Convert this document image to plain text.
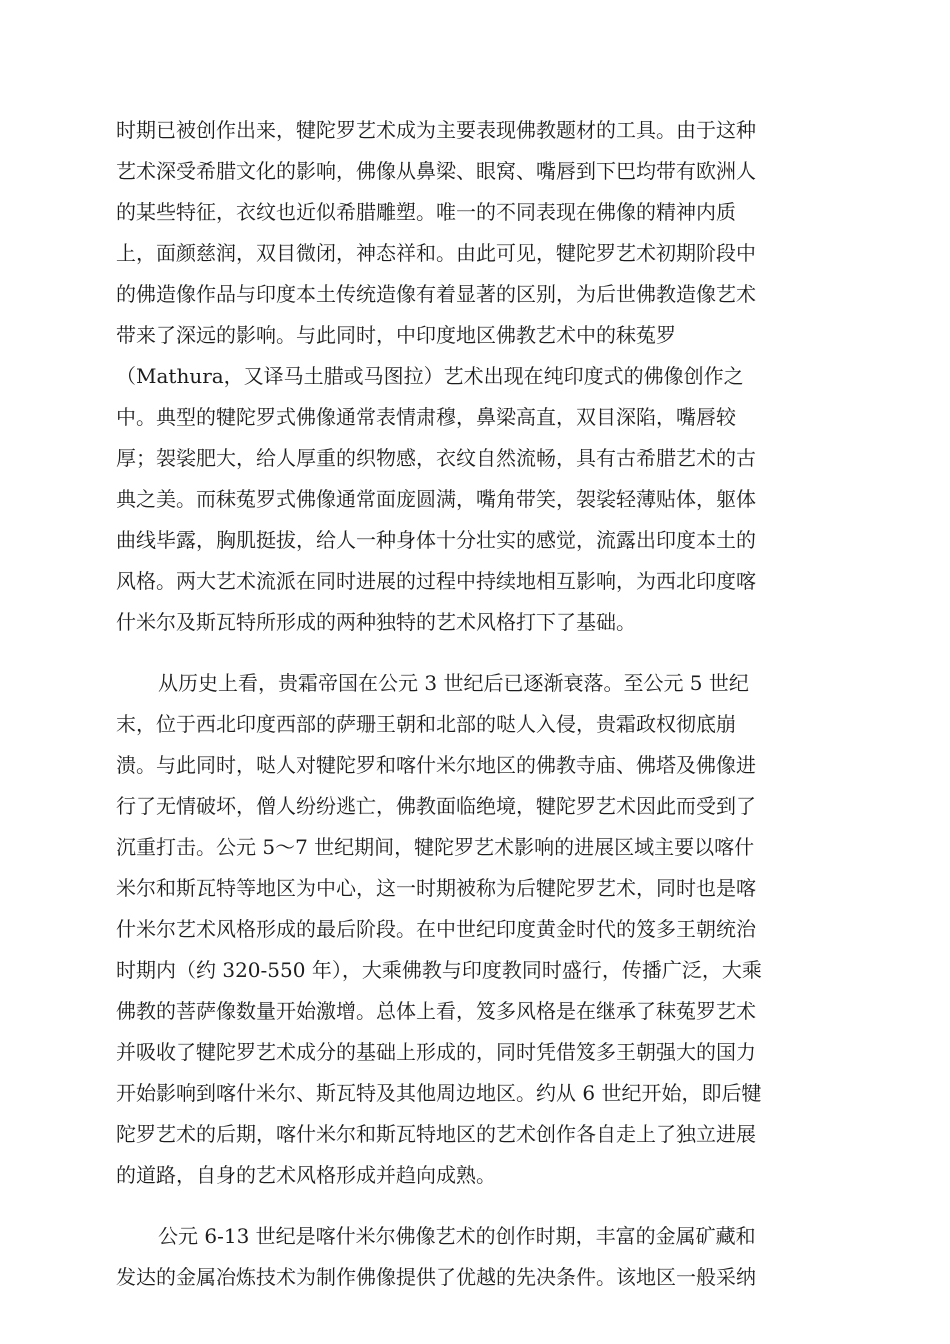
时期已被创作出来，犍陀罗艺术成为主要表现佛教题材的工具。由于这种
艺术深受希腊文化的影响，佛像从鼻梁、眼窝、嘴唇到下巴均带有欧洲人
的某些特征，衣纹也近似希腊雕塑。唯一的不同表现在佛像的精神内质
上，面颜慈润，双目微闭，神态祥和。由此可见，犍陀罗艺术初期阶段中
的佛造像作品与印度本土传统造像有着显著的区别，为后世佛教造像艺术
带来了深远的影响。与此同时，中印度地区佛教艺术中的秣菟罗
（Mathura，又译马土腊或马图拉）艺术出现在纯印度式的佛像创作之
中。典型的犍陀罗式佛像通常表情肃穆，鼻梁高直，双目深陷，嘴唇较
厚；袈裟肥大，给人厚重的织物感，衣纹自然流畅，具有古希腊艺术的古
典之美。而秣菟罗式佛像通常面庞圆满，嘴角带笑，袈裟轻薄贴体，躯体
曲线毕露，胸肌挺拔，给人一种身体十分壮实的感觉，流露出印度本土的
风格。两大艺术流派在同时进展的过程中持续地相互影响，为西北印度喀
什米尔及斯瓦特所形成的两种独特的艺术风格打下了基础。
从历史上看，贵霜帝国在公元 3 世纪后已逐渐衰落。至公元 5 世纪
末，位于西北印度西部的萨珊王朝和北部的哒人入侵，贵霜政权彻底崩
溃。与此同时，哒人对犍陀罗和喀什米尔地区的佛教寺庙、佛塔及佛像进
行了无情破坏，僧人纷纷逃亡，佛教面临绝境，犍陀罗艺术因此而受到了
沉重打击。公元 5～7 世纪期间，犍陀罗艺术影响的进展区域主要以喀什
米尔和斯瓦特等地区为中心，这一时期被称为后犍陀罗艺术，同时也是喀
什米尔艺术风格形成的最后阶段。在中世纪印度黄金时代的笈多王朝统治
时期内（约 320-550 年），大乘佛教与印度教同时盛行，传播广泛，大乘
佛教的菩萨像数量开始激增。总体上看，笈多风格是在继承了秣菟罗艺术
并吸收了犍陀罗艺术成分的基础上形成的，同时凭借笈多王朝强大的国力
开始影响到喀什米尔、斯瓦特及其他周边地区。约从 6 世纪开始，即后犍
陀罗艺术的后期，喀什米尔和斯瓦特地区的艺术创作各自走上了独立进展
的道路，自身的艺术风格形成并趋向成熟。
公元 6-13 世纪是喀什米尔佛像艺术的创作时期，丰富的金属矿藏和
发达的金属冶炼技术为制作佛像提供了优越的先决条件。该地区一般采纳
